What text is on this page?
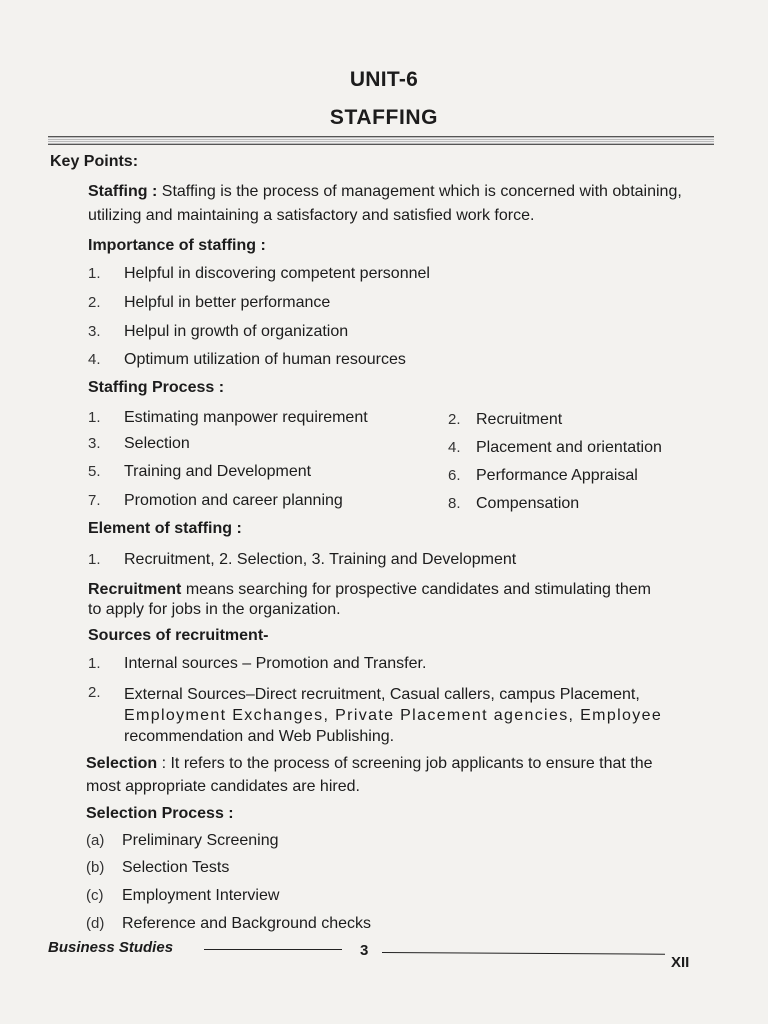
UNIT-6
STAFFING
Key Points:
Staffing : Staffing is the process of management which is concerned with obtaining,
utilizing and maintaining a satisfactory and satisfied work force.
Importance of staffing :
1. Helpful in discovering competent personnel
2. Helpful in better performance
3. Helpul in growth of organization
4. Optimum utilization of human resources
Staffing Process :
1. Estimating manpower requirement	2. Recruitment
3. Selection	4. Placement and orientation
5. Training and Development	6. Performance Appraisal
7. Promotion and career planning	8. Compensation
Element of staffing :
1. Recruitment, 2. Selection, 3. Training and Development
Recruitment means searching for prospective candidates and stimulating them
to apply for jobs in the organization.
Sources of recruitment-
1. Internal sources – Promotion and Transfer.
2. External Sources–Direct recruitment, Casual callers, campus Placement,
Employment Exchanges, Private Placement agencies, Employee
recommendation and Web Publishing.
Selection : It refers to the process of screening job applicants to ensure that the
most appropriate candidates are hired.
Selection Process :
(a) Preliminary Screening
(b) Selection Tests
(c) Employment Interview
(d) Reference and Background checks
Business Studies	3
XII
